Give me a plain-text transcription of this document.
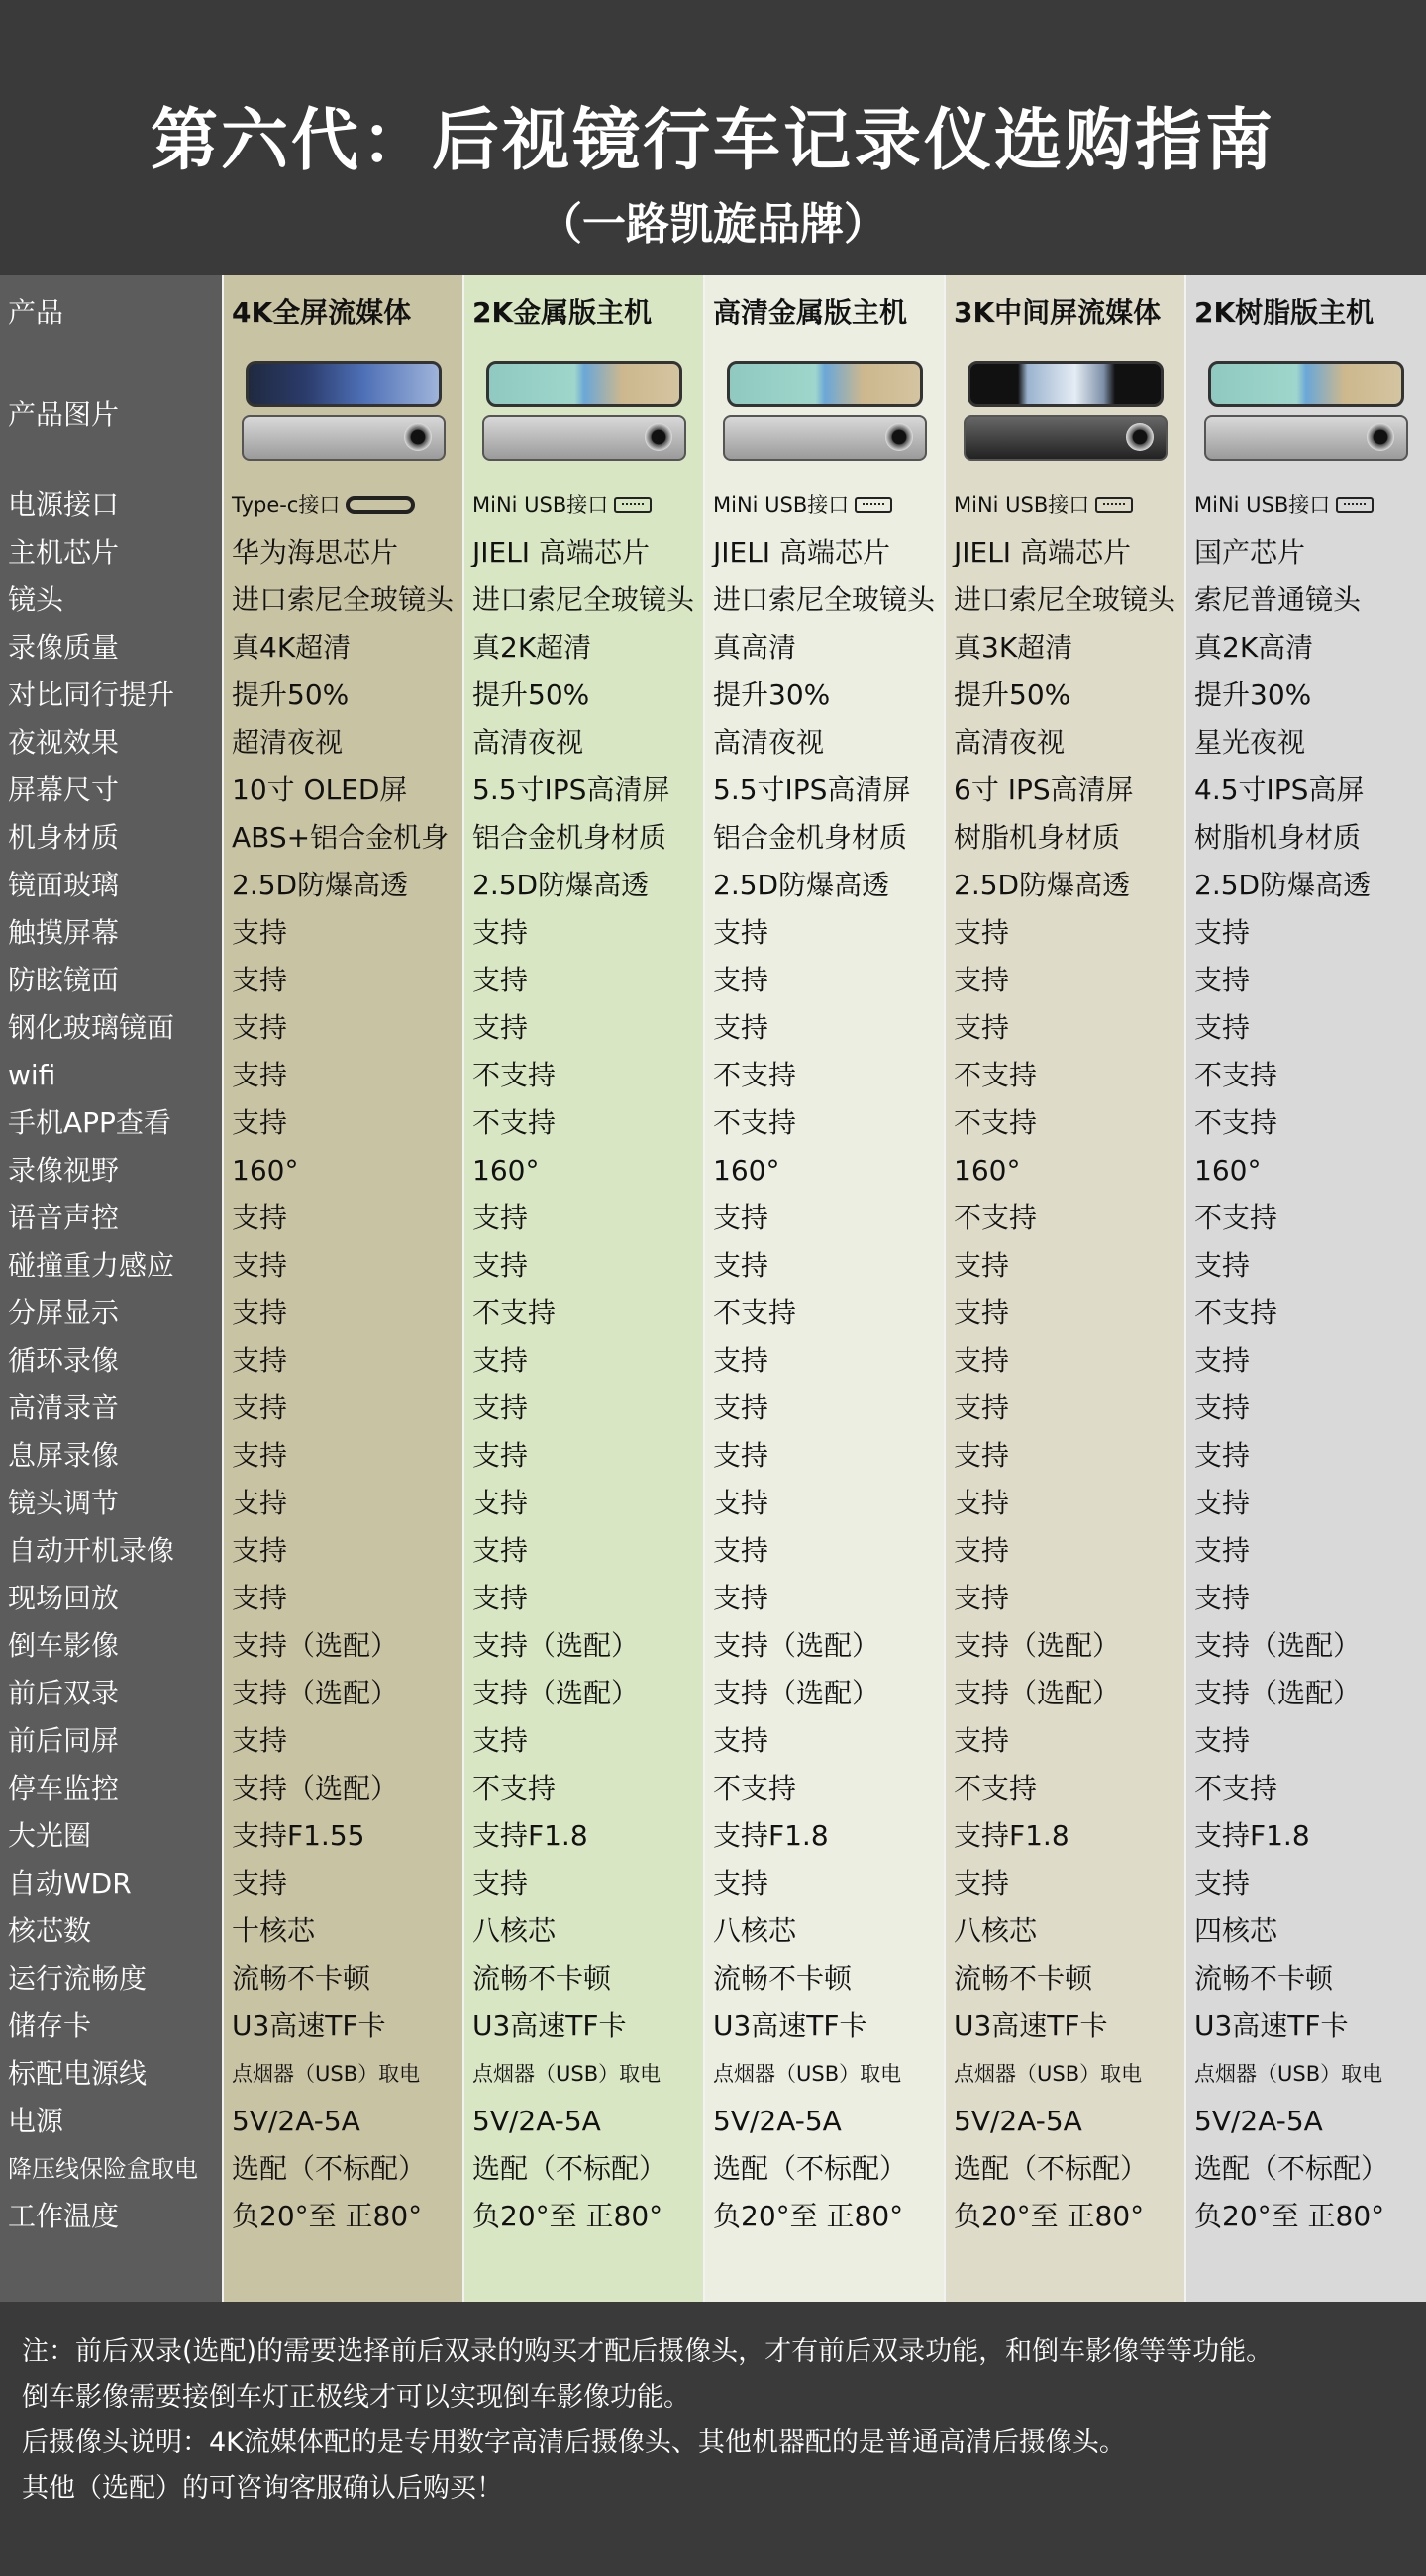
第六代：后视镜行车记录仪选购指南
（一路凯旋品牌）
产品
产品图片
电源接口
主机芯片
镜头
录像质量
对比同行提升
夜视效果
屏幕尺寸
机身材质
镜面玻璃
触摸屏幕
防眩镜面
钢化玻璃镜面
wifi
手机APP查看
录像视野
语音声控
碰撞重力感应
分屏显示
循环录像
高清录音
息屏录像
镜头调节
自动开机录像
现场回放
倒车影像
前后双录
前后同屏
停车监控
大光圈
自动WDR
核芯数
运行流畅度
储存卡
标配电源线
电源
降压线保险盒取电
工作温度
4K全屏流媒体
Type-c接口
华为海思芯片
进口索尼全玻镜头
真4K超清
提升50%
超清夜视
10寸 OLED屏
ABS+铝合金机身
2.5D防爆高透
支持
支持
支持
支持
支持
160°
支持
支持
支持
支持
支持
支持
支持
支持
支持
支持（选配）
支持（选配）
支持
支持（选配）
支持F1.55
支持
十核芯
流畅不卡顿
U3高速TF卡
点烟器（USB）取电
5V/2A-5A
选配（不标配）
负20°至 正80°
2K金属版主机
MiNi USB接口
JIELI 高端芯片
进口索尼全玻镜头
真2K超清
提升50%
高清夜视
5.5寸IPS高清屏
铝合金机身材质
2.5D防爆高透
支持
支持
支持
不支持
不支持
160°
支持
支持
不支持
支持
支持
支持
支持
支持
支持
支持（选配）
支持（选配）
支持
不支持
支持F1.8
支持
八核芯
流畅不卡顿
U3高速TF卡
点烟器（USB）取电
5V/2A-5A
选配（不标配）
负20°至 正80°
高清金属版主机
MiNi USB接口
JIELI 高端芯片
进口索尼全玻镜头
真高清
提升30%
高清夜视
5.5寸IPS高清屏
铝合金机身材质
2.5D防爆高透
支持
支持
支持
不支持
不支持
160°
支持
支持
不支持
支持
支持
支持
支持
支持
支持
支持（选配）
支持（选配）
支持
不支持
支持F1.8
支持
八核芯
流畅不卡顿
U3高速TF卡
点烟器（USB）取电
5V/2A-5A
选配（不标配）
负20°至 正80°
3K中间屏流媒体
MiNi USB接口
JIELI 高端芯片
进口索尼全玻镜头
真3K超清
提升50%
高清夜视
6寸 IPS高清屏
树脂机身材质
2.5D防爆高透
支持
支持
支持
不支持
不支持
160°
不支持
支持
支持
支持
支持
支持
支持
支持
支持
支持（选配）
支持（选配）
支持
不支持
支持F1.8
支持
八核芯
流畅不卡顿
U3高速TF卡
点烟器（USB）取电
5V/2A-5A
选配（不标配）
负20°至 正80°
2K树脂版主机
MiNi USB接口
国产芯片
索尼普通镜头
真2K高清
提升30%
星光夜视
4.5寸IPS高屏
树脂机身材质
2.5D防爆高透
支持
支持
支持
不支持
不支持
160°
不支持
支持
不支持
支持
支持
支持
支持
支持
支持
支持（选配）
支持（选配）
支持
不支持
支持F1.8
支持
四核芯
流畅不卡顿
U3高速TF卡
点烟器（USB）取电
5V/2A-5A
选配（不标配）
负20°至 正80°
注：前后双录(选配)的需要选择前后双录的购买才配后摄像头，才有前后双录功能，和倒车影像等等功能。
倒车影像需要接倒车灯正极线才可以实现倒车影像功能。
后摄像头说明：4K流媒体配的是专用数字高清后摄像头、其他机器配的是普通高清后摄像头。
其他（选配）的可咨询客服确认后购买！
